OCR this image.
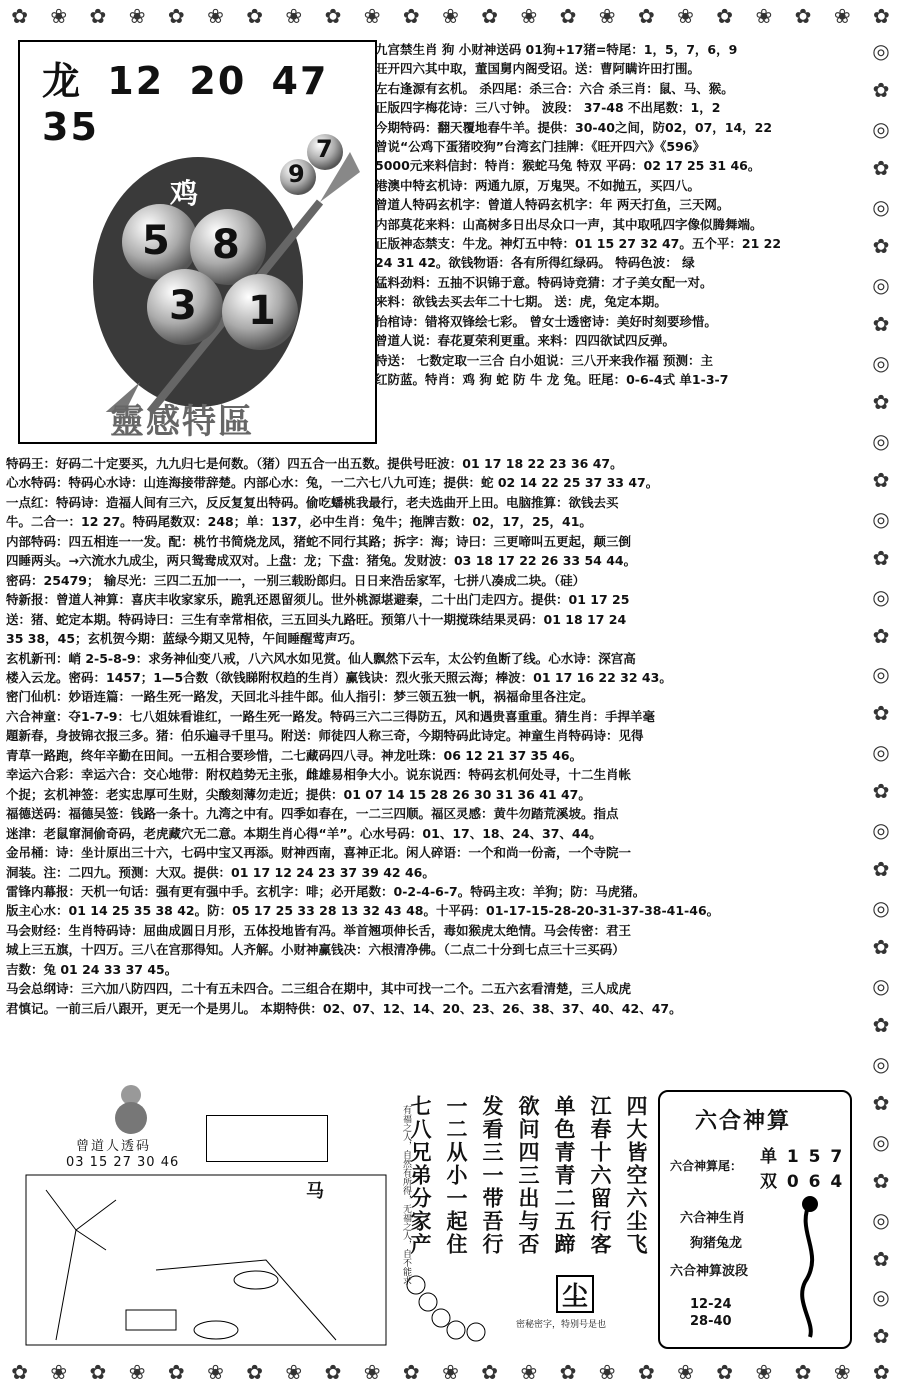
✿ ❀ ✿ ❀ ✿ ❀ ✿ ❀ ✿ ❀ ✿ ❀ ✿ ❀ ✿ ❀ ✿ ❀ ✿ ❀ ✿ ❀ ✿
✿ ❀ ✿ ❀ ✿ ❀ ✿ ❀ ✿ ❀ ✿ ❀ ✿ ❀ ✿ ❀ ✿ ❀ ✿ ❀ ✿ ❀ ✿
◎
✿
◎
✿
◎
✿
◎
✿
◎
✿
◎
✿
◎
✿
◎
✿
◎
✿
◎
✿
◎
✿
◎
✿
◎
✿
◎
✿
◎
✿
◎
✿
◎
✿
龙 12 20 47 35
鸡
5 8
3 1
9
7
靈感特區

九宫禁生肖 狗 小财神送码 01狗+17猪=特尾：1，5，7，6，9

旺开四六其中取，董国舅内阁受诏。送：曹阿瞒许田打围。

左右逢源有玄机。 杀四尾：杀三合：六合 杀三肖：鼠、马、猴。

正版四字梅花诗：三八寸钟。 波段： 37-48 不出尾数：1，2

今期特码：翻天覆地春牛羊。提供：30-40之间，防02，07，14，22

曾说“公鸡下蛋猪咬狗”台湾玄门挂牌：《旺开四六》《596》

5000元来料信封：特肖：猴蛇马兔 特双 平码：02 17 25 31 46。

港澳中特玄机诗：两通九原，万鬼哭。不如抛五，买四八。

曾道人特码玄机字：曾道人特码玄机字：年 两天打鱼，三天网。

内部莫花来料：山高树多日出尽众口一声，其中取吼四字像似腾舞端。

正版神态禁支：牛龙。神灯五中特：01 15 27 32 47。五个平：21 22

24 31 42。欲钱物语：各有所得红绿码。 特码色波： 绿

猛料劲料：五抽不识锦于意。特码诗竞猜：才子美女配一对。

来料：欲钱去买去年二十七期。 送：虎，兔定本期。

抬棺诗：错将双锋绘七彩。 曾女士透密诗：美好时刻要珍惜。

曾道人说：春花夏荣利更重。来料：四四欲试四反弹。

特送： 七数定取一三合 白小姐说：三八开来我作福 预测：主

红防蓝。特肖：鸡 狗 蛇 防 牛 龙 兔。旺尾：0-6-4式 单1-3-7

特码王：好码二十定要买，九九归七是何数。（猪）四五合一出五数。提供号旺波：01 17 18 22 23 36 47。

心水特码：特码心水诗：山连海接带辞楚。内部心水：兔，一二六七八九可连；提供：蛇 02 14 22 25 37 33 47。

一点红：特码诗：造福人间有三六，反反复复出特码。偷吃蟠桃我最行，老夫选曲开上田。电脑推算：欲钱去买

牛。二合一：12 27。特码尾数双：248；单：137，必中生肖：兔牛；拖牌吉数：02，17，25，41。

内部特码：四五相连一一发。配：桃竹书简烧龙凤，猪蛇不同行其路；拆字：海；诗曰：三更啼叫五更起，颠三倒

四睡两头。→六流水九成尘，两只鸳鸯成双对。上盘：龙；下盘：猪兔。发财波：03 18 17 22 26 33 54 44。

密码：25479； 输尽光：三四二五加一一，一别三载盼郎归。日日来浩岳家军，七拼八凑成二块。（硅）

特新报：曾道人神算：喜庆丰收家家乐，跪乳还恩留须儿。世外桃源堪避秦，二十出门走四方。提供：01 17 25

送：猪、蛇定本期。特码诗曰：三生有幸常相依，三五回头九路旺。预第八十一期搅珠结果灵码：01 18 17 24

35 38，45；玄机贺今期：蓝绿今期又见特，午间睡醒莺声巧。

玄机新刊：峭 2-5-8-9：求务神仙变八戒，八六风水如见赏。仙人飘然下云车，太公钓鱼断了线。心水诗：深宫高

楼入云龙。密码：1457；1—5合数（欲钱睇附权趋的生肖）赢钱诀：烈火张天照云海；棒波：01 17 16 22 32 43。

密门仙机：妙语连篇：一路生死一路发，天回北斗挂牛郎。仙人指引：梦三领五独一帆，祸福命里各注定。

六合神童：夺1-7-9：七八姐妹看谁红，一路生死一路发。特码三六二三得防五，风和遇贵喜重重。猜生肖：手捍羊毫

題新春，身披锦衣报三多。猪：伯乐遍寻千里马。附送：师徒四人称三奇，今期特码此诗定。神童生肖特码诗：见得

青草一路跑，终年辛勤在田间。一五相合要珍惜，二七藏码四八寻。神龙吐珠：06 12 21 37 35 46。

幸运六合彩：幸运六合：交心地带：附权趋势无主张，雌雄易相争大小。说东说西：特码玄机何处寻，十二生肖帐

个捉；玄机神签：老实忠厚可生财，尖酸刻薄勿走近；提供：01 07 14 15 28 26 30 31 36 41 47。

福德送码：福德吴签：钱路一条十。九湾之中有。四季如春在，一二三四顺。福区灵感：黄牛勿踏荒溪坡。指点

迷津：老鼠窜洞偷奇码，老虎藏穴无二意。本期生肖心得“羊”。心水号码：01、17、18、24、37、44。

金吊桶：诗：坐计原出三十六，七码中宝又再添。财神西南，喜神正北。闲人碎语：一个和尚一份斋，一个寺院一

洞装。注：二四九。预测：大双。提供：01 17 12 24 23 37 39 42 46。

雷锋内幕报：天机一句话：强有更有强中手。玄机字：啡；必开尾数：0-2-4-6-7。特码主攻：羊狗；防：马虎猪。

版主心水：01 14 25 35 38 42。防：05 17 25 33 28 13 32 43 48。十平码：01-17-15-28-20-31-37-38-41-46。

马会财经：生肖特码诗：屈曲成圆日月形，五体投地皆有冯。举首翘项伸长舌，毒如猴虎太绝情。马会传密：君王

城上三五旗，十四万。三八在宫那得知。人齐解。小财神赢钱决：六根清净佛。（二点二十分到七点三十三买码）

吉数：兔 01 24 33 37 45。

马会总纲诗：三六加八防四四，二十有五未四合。二三组合在期中，其中可找一二个。二五六玄看清楚，三人成虎

君慎记。一前三后八跟开，更无一个是男儿。 本期特供：02、07、12、14、20、23、26、38、37、40、42、47。

曾道人透码
03 15 27 30 46
马	有福之人，自然有所得，无福之人，自不能求	四大皆空六尘飞
江春十六留行客
单色青青二五蹄
欲问四三出与否
发看三一带吾行
一二从小一起住
七八兄弟分家产
尘
密秘密字，特别号是也
六合神算
六合神算尾： 单 1 5 7
双 0 6 4
六合神生肖
狗猪兔龙
六合神算波段
12-24
28-40
